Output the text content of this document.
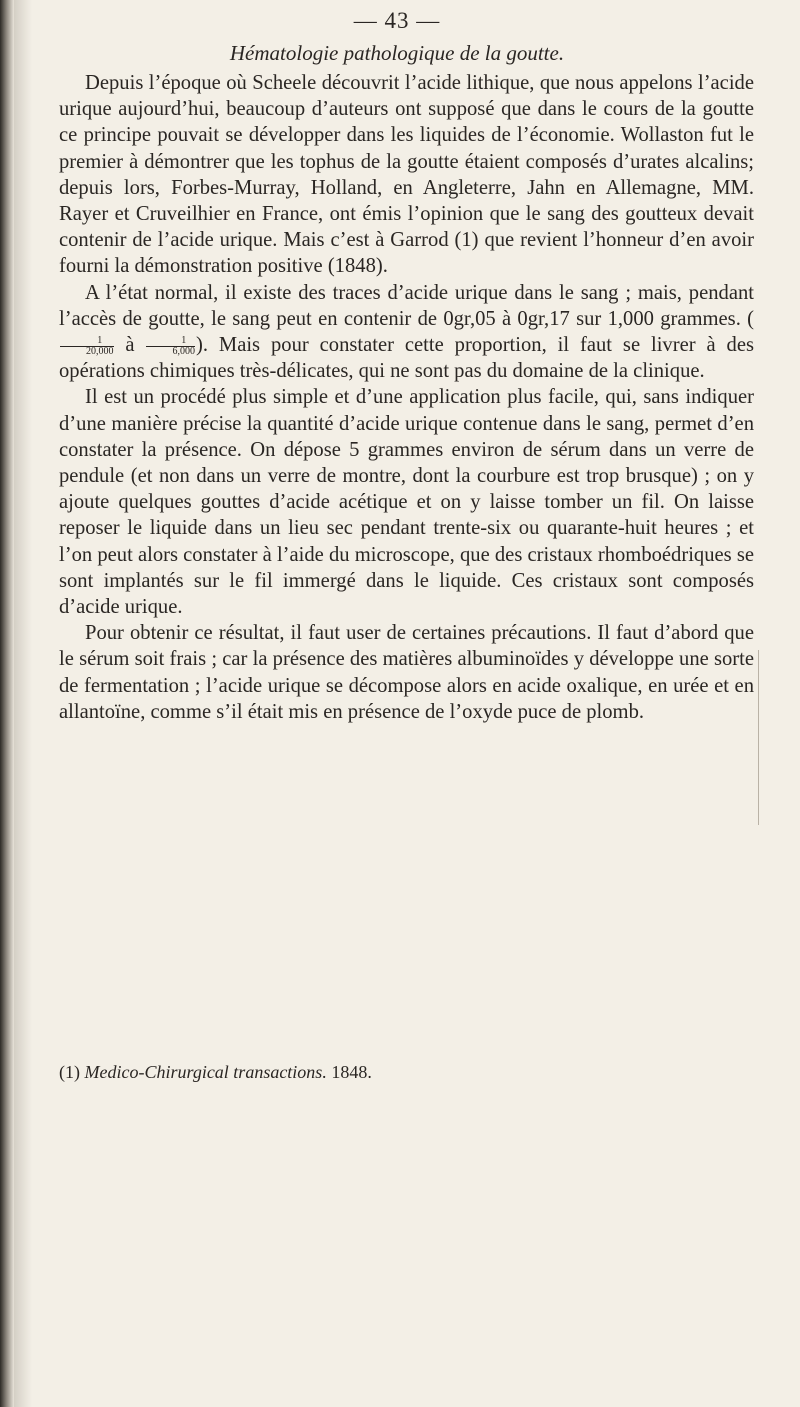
— 43 —
Hématologie pathologique de la goutte.

Depuis l’époque où Scheele découvrit l’acide lithique, que nous appelons l’acide urique aujourd’hui, beaucoup d’auteurs ont supposé que dans le cours de la goutte ce principe pouvait se développer dans les liquides de l’économie. Wollaston fut le premier à démontrer que les tophus de la goutte étaient composés d’urates alcalins; depuis lors, Forbes-Murray, Holland, en Angleterre, Jahn en Allemagne, MM. Rayer et Cruveilhier en France, ont émis l’opinion que le sang des goutteux devait contenir de l’acide urique. Mais c’est à Garrod (1) que revient l’honneur d’en avoir fourni la démonstration positive (1848).

A l’état normal, il existe des traces d’acide urique dans le sang ; mais, pendant l’accès de goutte, le sang peut en contenir de 0gr,05 à 0gr,17 sur 1,000 grammes. (
$\frac{1}{20,000}$ à $\frac{1}{6,000}$ ). Mais pour constater cette proportion, il faut se livrer à des opérations chimiques très-délicates, qui ne sont pas du domaine de la clinique.

Il est un procédé plus simple et d’une application plus facile, qui, sans indiquer d’une manière précise la quantité d’acide urique contenue dans le sang, permet d’en constater la présence. On dépose 5 grammes environ de sérum dans un verre de pendule (et non dans un verre de montre, dont la courbure est trop brusque) ; on y ajoute quelques gouttes d’acide acétique et on y laisse tomber un fil. On laisse reposer le liquide dans un lieu sec pendant trente-six ou quarante-huit heures ; et l’on peut alors constater à l’aide du microscope, que des cristaux rhomboédriques se sont implantés sur le fil immergé dans le liquide. Ces cristaux sont composés d’acide urique.

Pour obtenir ce résultat, il faut user de certaines précautions. Il faut d’abord que le sérum soit frais ; car la présence des matières albuminoïdes y développe une sorte de fermentation ; l’acide urique se décompose alors en acide oxalique, en urée et en allantoïne, comme s’il était mis en présence de l’oxyde puce de plomb.

(1) Medico-Chirurgical transactions. 1848.
